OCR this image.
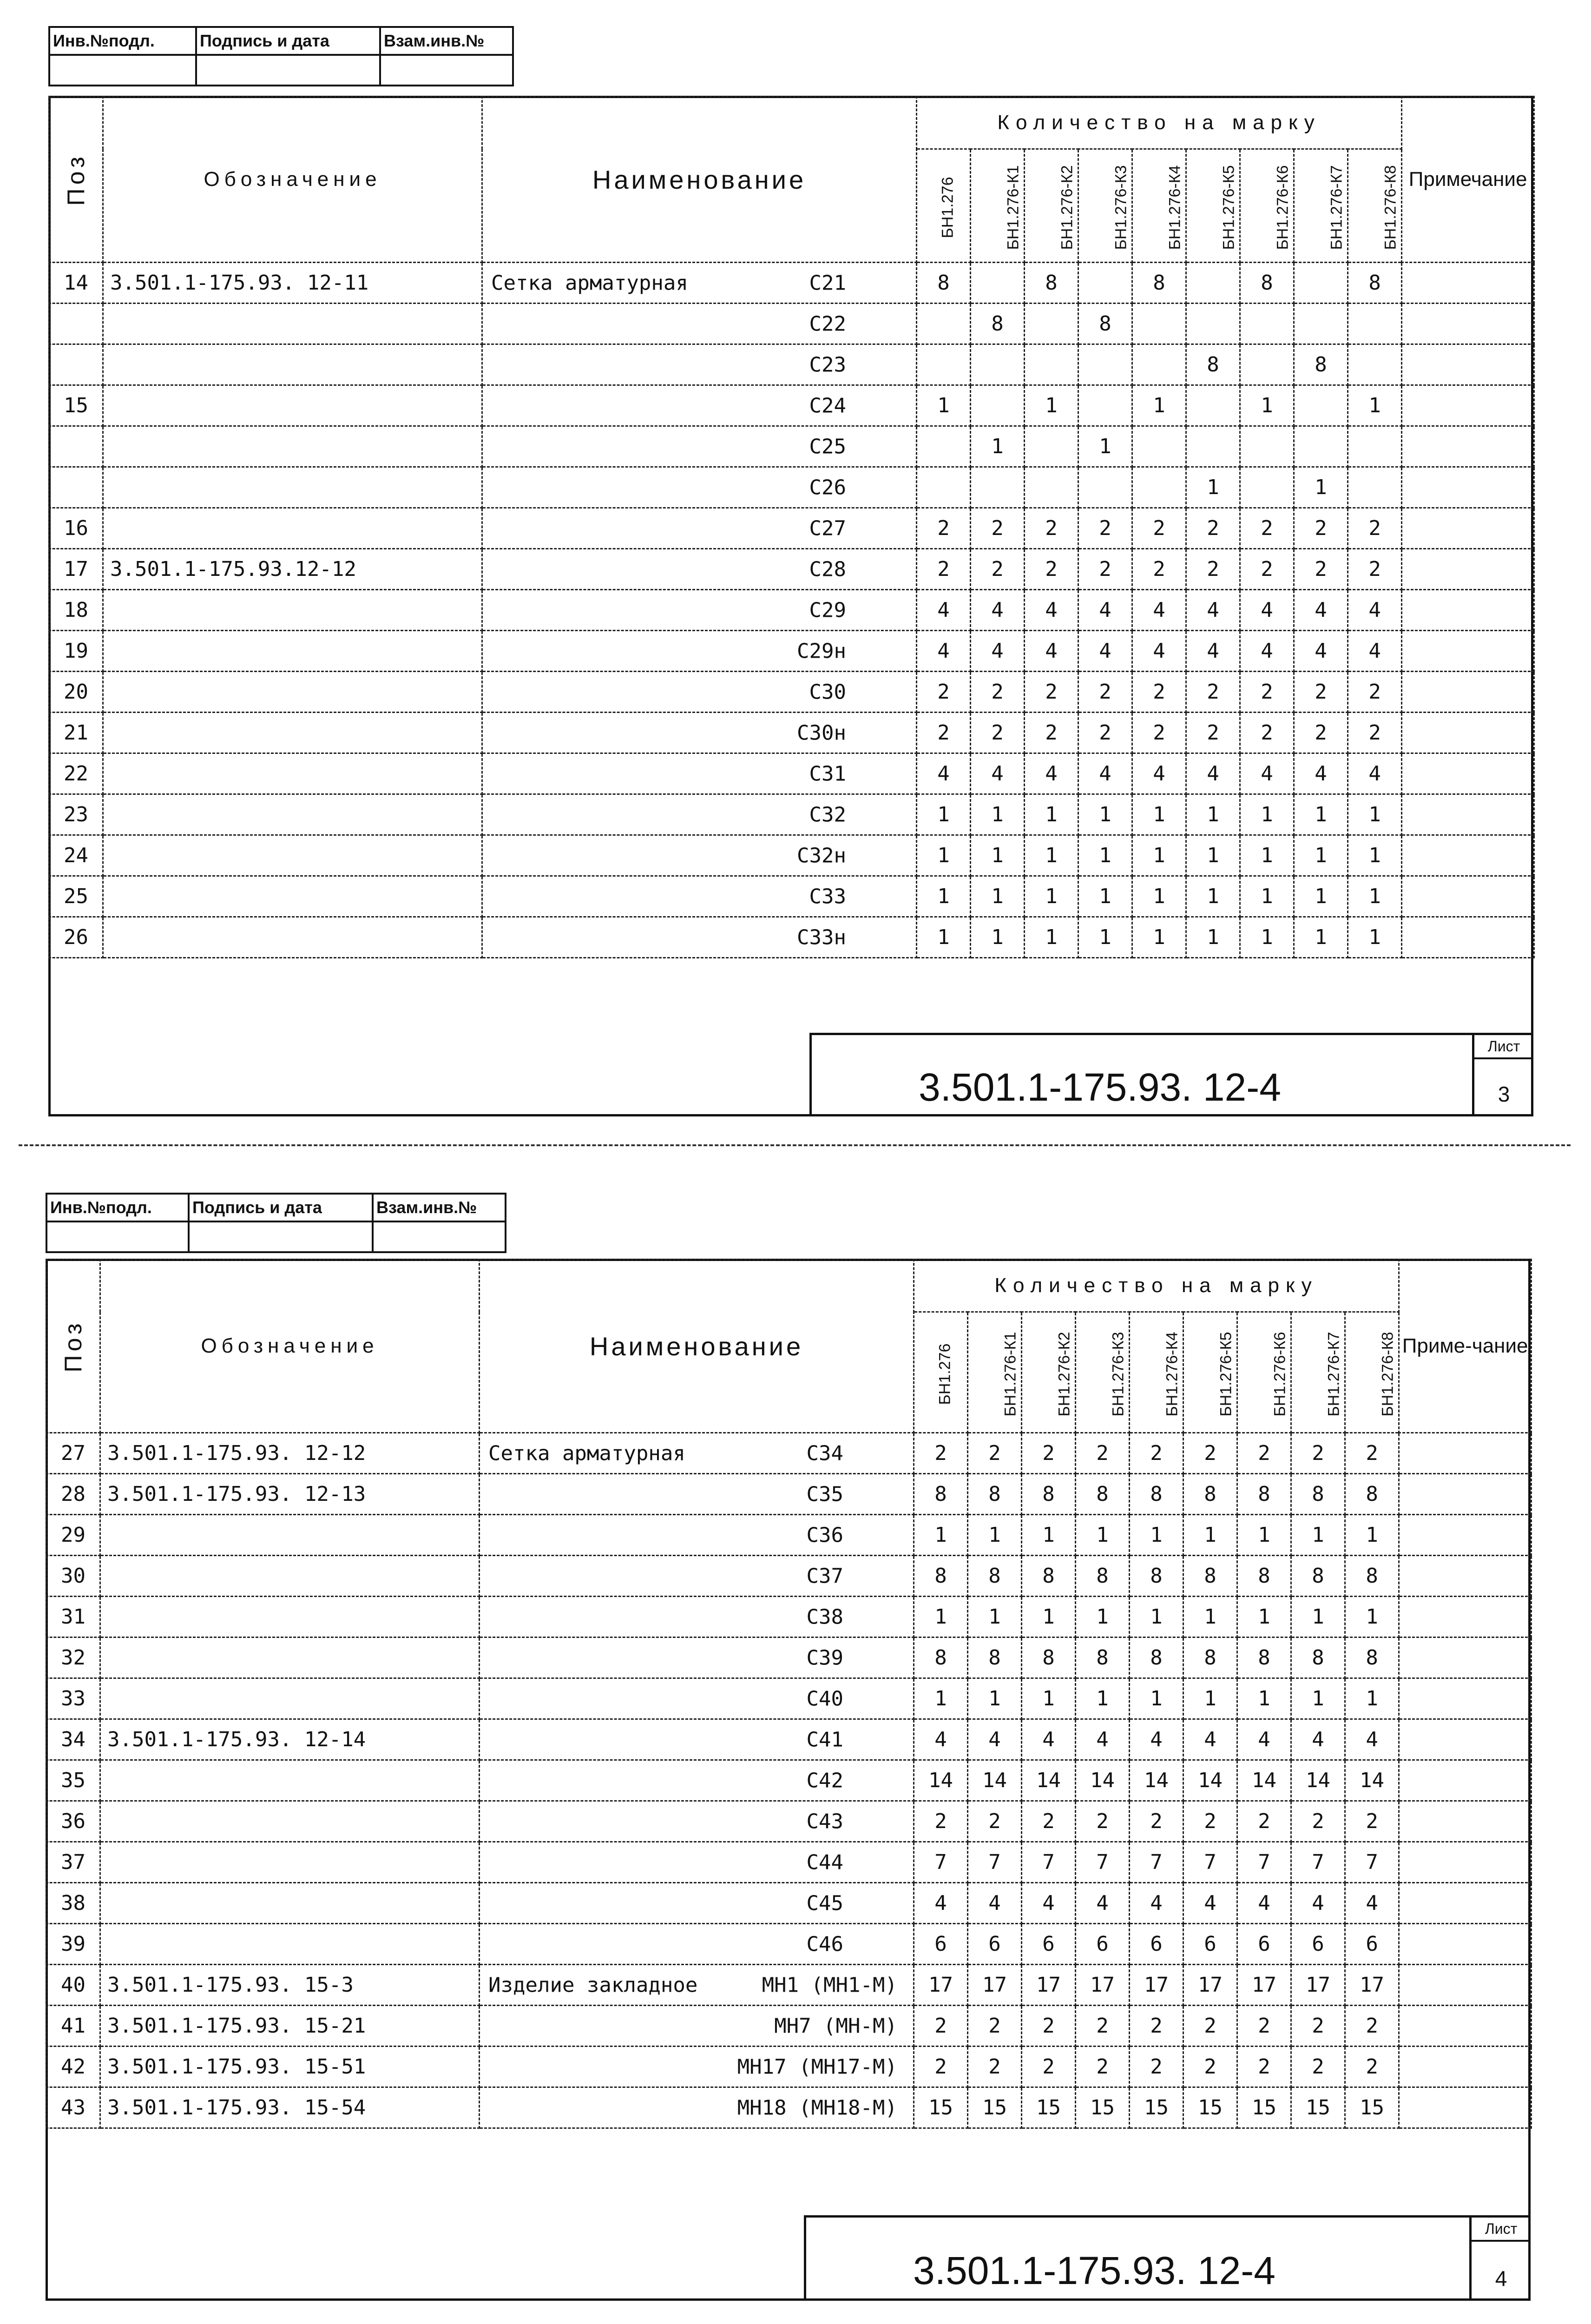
Инв.№подл.	Подпись и дата	Взам.инв.№

Поз	Обозначение	Наименование	Количество на марку									Примечание
			БН1.276	БН1.276-К1	БН1.276-К2	БН1.276-К3	БН1.276-К4	БН1.276-К5	БН1.276-К6	БН1.276-К7	БН1.276-К8	
14	3.501.1-175.93. 12-11	Сетка арматурная С21	8		8		8		8		8	

		С22		8		8						

		С23						8		8		
15		С24	1		1		1		1		1	

		С25		1		1						

		С26						1		1		
16		С27	2	2	2	2	2	2	2	2	2	
17	3.501.1-175.93.12-12	С28	2	2	2	2	2	2	2	2	2	
18		С29	4	4	4	4	4	4	4	4	4	
19		С29н	4	4	4	4	4	4	4	4	4	
20		С30	2	2	2	2	2	2	2	2	2	
21		С30н	2	2	2	2	2	2	2	2	2	
22		С31	4	4	4	4	4	4	4	4	4	
23		С32	1	1	1	1	1	1	1	1	1	
24		С32н	1	1	1	1	1	1	1	1	1	
25		С33	1	1	1	1	1	1	1	1	1	
26		С33н	1	1	1	1	1	1	1	1	1	
3.501.1-175.93. 12-4
Лист
3
Инв.№подл.	Подпись и дата	Взам.инв.№

Поз	Обозначение	Наименование	Количество на марку									Приме-чание
			БН1.276	БН1.276-К1	БН1.276-К2	БН1.276-К3	БН1.276-К4	БН1.276-К5	БН1.276-К6	БН1.276-К7	БН1.276-К8	
27	3.501.1-175.93. 12-12	Сетка арматурная С34	2	2	2	2	2	2	2	2	2	
28	3.501.1-175.93. 12-13	С35	8	8	8	8	8	8	8	8	8	
29		С36	1	1	1	1	1	1	1	1	1	
30		С37	8	8	8	8	8	8	8	8	8	
31		С38	1	1	1	1	1	1	1	1	1	
32		С39	8	8	8	8	8	8	8	8	8	
33		С40	1	1	1	1	1	1	1	1	1	
34	3.501.1-175.93. 12-14	С41	4	4	4	4	4	4	4	4	4	
35		С42	14	14	14	14	14	14	14	14	14	
36		С43	2	2	2	2	2	2	2	2	2	
37		С44	7	7	7	7	7	7	7	7	7	
38		С45	4	4	4	4	4	4	4	4	4	
39		С46	6	6	6	6	6	6	6	6	6	
40	3.501.1-175.93. 15-3	Изделие закладное МН1 (МН1-М)	17	17	17	17	17	17	17	17	17	
41	3.501.1-175.93. 15-21	МН7 (МН-М)	2	2	2	2	2	2	2	2	2	
42	3.501.1-175.93. 15-51	МН17 (МН17-М)	2	2	2	2	2	2	2	2	2	
43	3.501.1-175.93. 15-54	МН18 (МН18-М)	15	15	15	15	15	15	15	15	15	
3.501.1-175.93. 12-4
Лист
4
